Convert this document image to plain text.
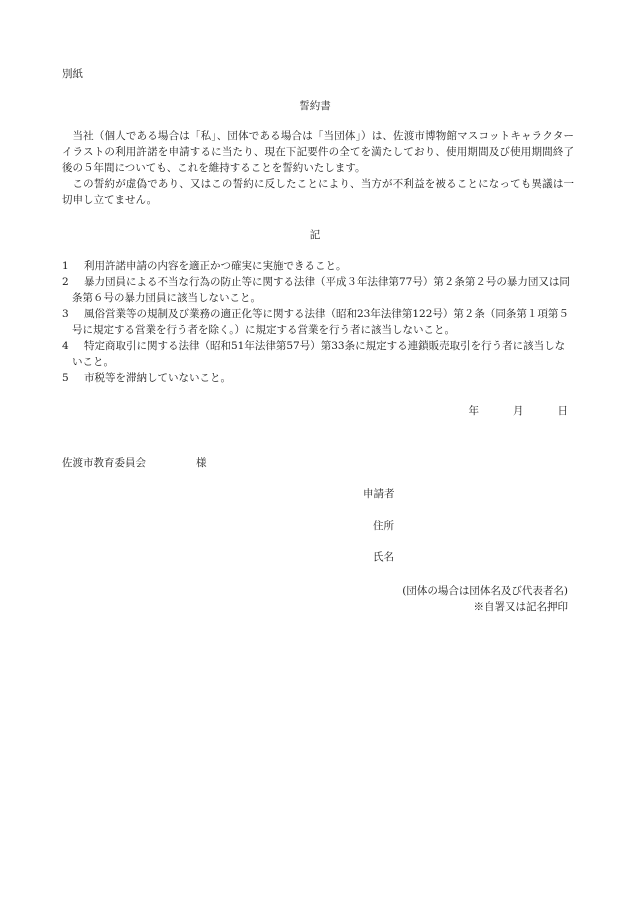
別紙
誓約書

当社（個人である場合は「私」、団体である場合は「当団体」）は、佐渡市博物館マスコットキャラクターイラストの利用許諾を申請するに当たり、現在下記要件の全てを満たしており、使用期間及び使用期間終了後の５年間についても、これを維持することを誓約いたします。

この誓約が虚偽であり、又はこの誓約に反したことにより、当方が不利益を被ることになっても異議は一切申し立てません。

記
1 利用許諾申請の内容を適正かつ確実に実施できること。
2 暴力団員による不当な行為の防止等に関する法律（平成３年法律第77号）第２条第２号の暴力団又は同条第６号の暴力団員に該当しないこと。
3 風俗営業等の規制及び業務の適正化等に関する法律（昭和23年法律第122号）第２条（同条第１項第５号に規定する営業を行う者を除く。）に規定する営業を行う者に該当しないこと。
4 特定商取引に関する法律（昭和51年法律第57号）第33条に規定する連鎖販売取引を行う者に該当しないこと。
5 市税等を滞納していないこと。
年	月	日
佐渡市教育委員会	様
申請者
住所
氏名
(団体の場合は団体名及び代表者名)
※自署又は記名押印
